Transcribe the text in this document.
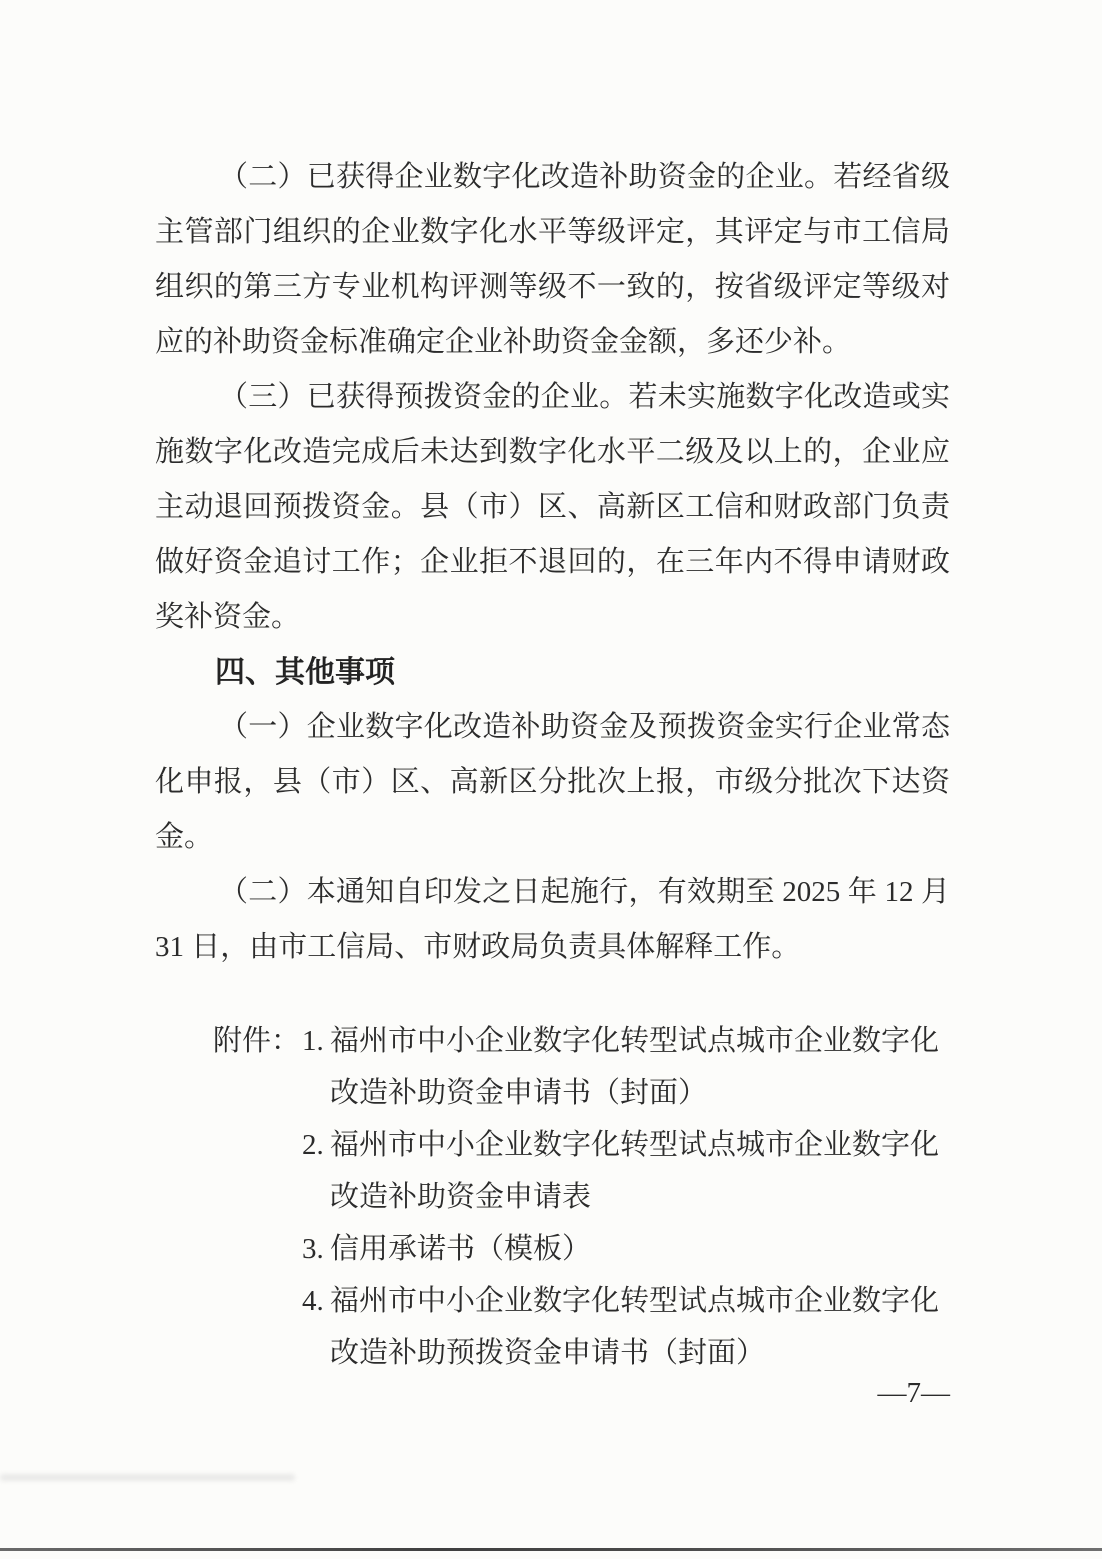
（二）已获得企业数字化改造补助资金的企业。若经省级
主管部门组织的企业数字化水平等级评定，其评定与市工信局
组织的第三方专业机构评测等级不一致的，按省级评定等级对
应的补助资金标准确定企业补助资金金额，多还少补。
（三）已获得预拨资金的企业。若未实施数字化改造或实
施数字化改造完成后未达到数字化水平二级及以上的，企业应
主动退回预拨资金。县（市）区、高新区工信和财政部门负责
做好资金追讨工作；企业拒不退回的，在三年内不得申请财政
奖补资金。
四、其他事项
（一）企业数字化改造补助资金及预拨资金实行企业常态
化申报，县（市）区、高新区分批次上报，市级分批次下达资
金。
（二）本通知自印发之日起施行，有效期至 2025 年 12 月
31 日，由市工信局、市财政局负责具体解释工作。
附件：1. 福州市中小企业数字化转型试点城市企业数字化
改造补助资金申请书（封面）
2. 福州市中小企业数字化转型试点城市企业数字化
改造补助资金申请表
3. 信用承诺书（模板）
4. 福州市中小企业数字化转型试点城市企业数字化
改造补助预拨资金申请书（封面）
—7—
